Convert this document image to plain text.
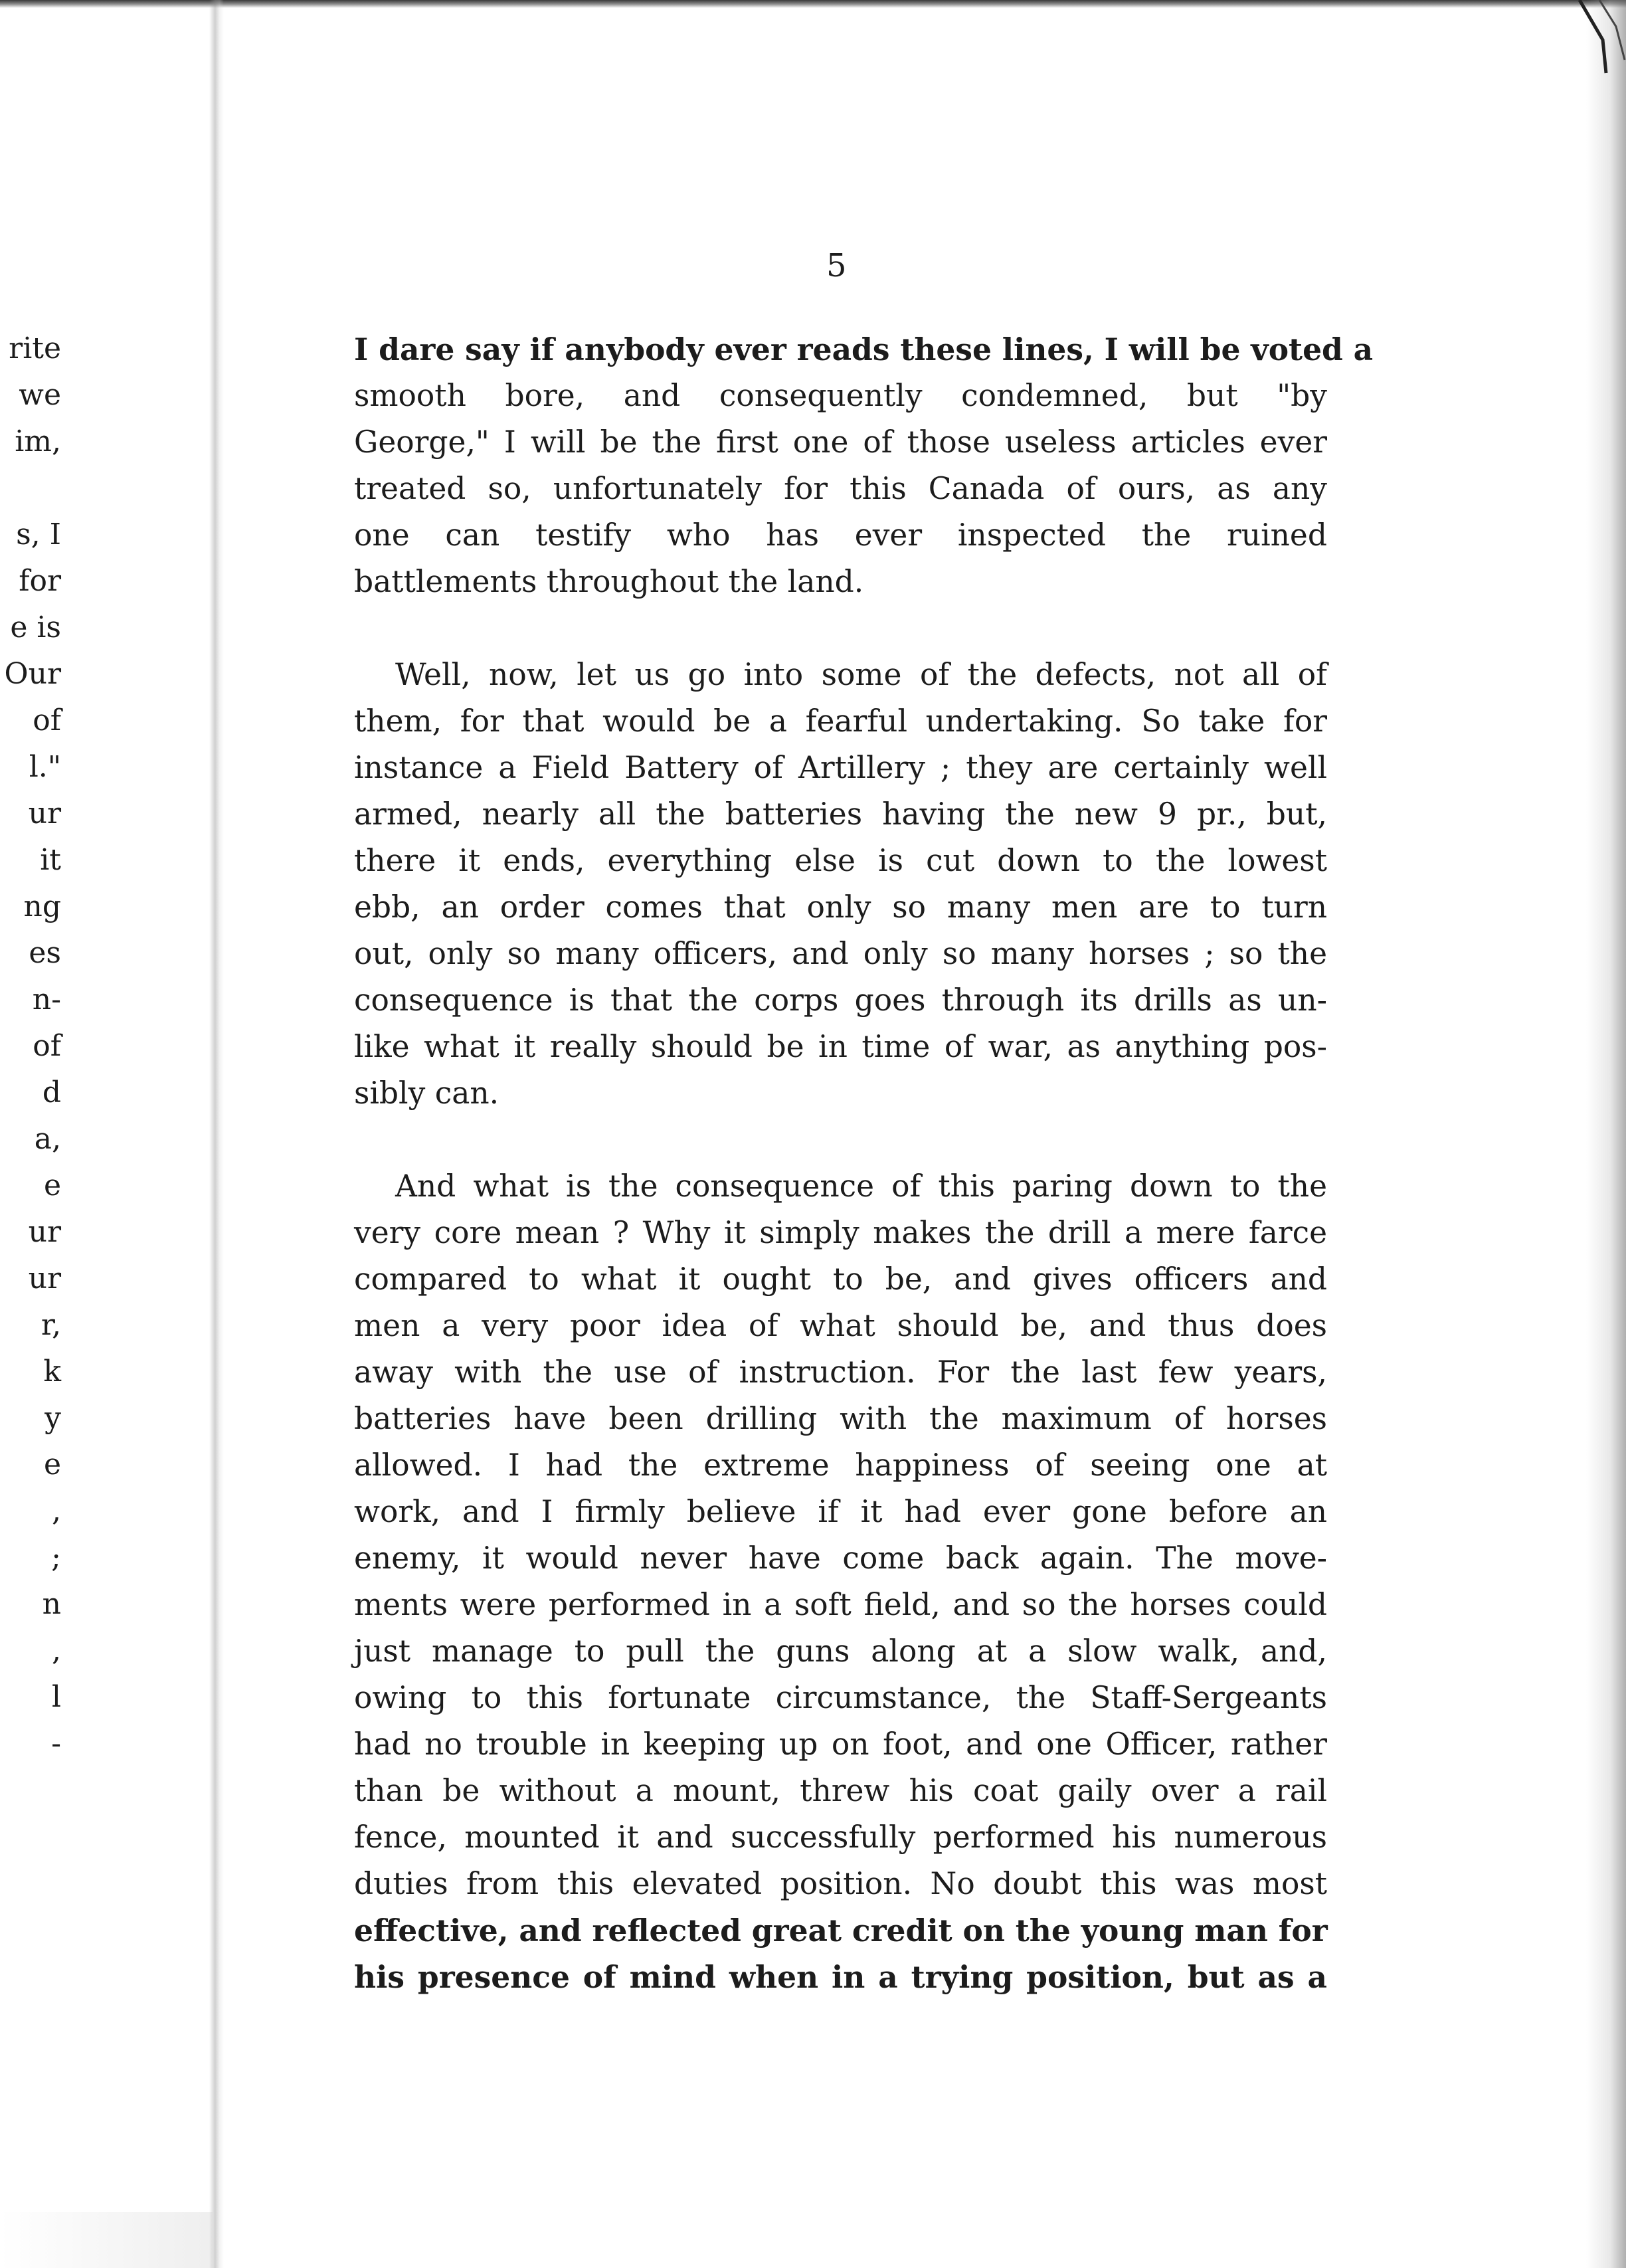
rite
we
im,
s, I
for
e is
Our
of
l."
ur
it
ng
es
n-
of
d
a,
e
ur
ur
r,
k
y
e
,
;
n
,
l
-
5

I dare say if anybody ever reads these lines, I will be voted a
smooth bore, and consequently condemned, but "by
George," I will be the first one of those useless articles ever
treated so, unfortunately for this Canada of ours, as any
one can testify who has ever inspected the ruined
battlements throughout the land.

Well, now, let us go into some of the defects, not all of
them, for that would be a fearful undertaking. So take for
instance a Field Battery of Artillery ; they are certainly well
armed, nearly all the batteries having the new 9 pr., but,
there it ends, everything else is cut down to the lowest
ebb, an order comes that only so many men are to turn
out, only so many officers, and only so many horses ; so the
consequence is that the corps goes through its drills as un-
like what it really should be in time of war, as anything pos-
sibly can.

And what is the consequence of this paring down to the
very core mean ? Why it simply makes the drill a mere farce
compared to what it ought to be, and gives officers and
men a very poor idea of what should be, and thus does
away with the use of instruction. For the last few years,
batteries have been drilling with the maximum of horses
allowed. I had the extreme happiness of seeing one at
work, and I firmly believe if it had ever gone before an
enemy, it would never have come back again. The move-
ments were performed in a soft field, and so the horses could
just manage to pull the guns along at a slow walk, and,
owing to this fortunate circumstance, the Staff-Sergeants
had no trouble in keeping up on foot, and one Officer, rather
than be without a mount, threw his coat gaily over a rail
fence, mounted it and successfully performed his numerous
duties from this elevated position. No doubt this was most
effective, and reflected great credit on the young man for
his presence of mind when in a trying position, but as a
